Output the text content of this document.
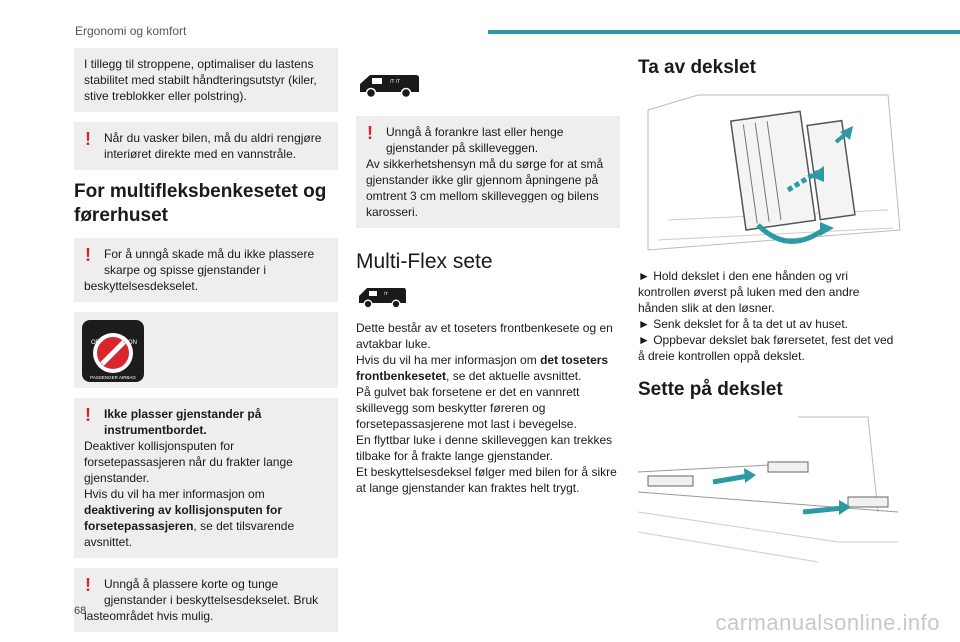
Ergonomi og komfort
I tillegg til stroppene, optimaliser du lastens stabilitet med stabilt håndteringsutstyr (kiler, stive treblokker eller polstring).
!	Når du vasker bilen, må du aldri rengjøre interiøret direkte med en vannstråle.
For multifleksbenkesetet og førerhuset
!	For å unngå skade må du ikke plassere skarpe og spisse gjenstander i
beskyttelsesdekselet.
OFF	ON
PASSENGER AIRBAG
!	Ikke plasser gjenstander på instrumentbordet.
Deaktiver kollisjonsputen for forsetepassasjeren når du frakter lange gjenstander.
Hvis du vil ha mer informasjon om deaktivering av kollisjonsputen for forsetepassasjeren, se det tilsvarende avsnittet.
!	Unngå å plassere korte og tunge gjenstander i beskyttelsesdekselet. Bruk
lasteområdet hvis mulig.
/T /T
!	Unngå å forankre last eller henge gjenstander på skilleveggen.
Av sikkerhetshensyn må du sørge for at små gjenstander ikke glir gjennom åpningene på omtrent 3 cm mellom skilleveggen og bilens karosseri.
Multi-Flex sete
/T
Dette består av et toseters frontbenkesete og en avtakbar luke.
Hvis du vil ha mer informasjon om det toseters frontbenkesetet, se det aktuelle avsnittet.
På gulvet bak forsetene er det en vannrett skillevegg som beskytter føreren og forsetepassasjerene mot last i bevegelse.
En flyttbar luke i denne skilleveggen kan trekkes tilbake for å frakte lange gjenstander.
Et beskyttelsesdeksel følger med bilen for å sikre at lange gjenstander kan fraktes helt trygt.
Ta av dekslet
► Hold dekslet i den ene hånden og vri kontrollen øverst på luken med den andre hånden slik at den løsner.
► Senk dekslet for å ta det ut av huset.
► Oppbevar dekslet bak førersetet, fest det ved å dreie kontrollen oppå dekslet.
Sette på dekslet
68	carmanualsonline.info
